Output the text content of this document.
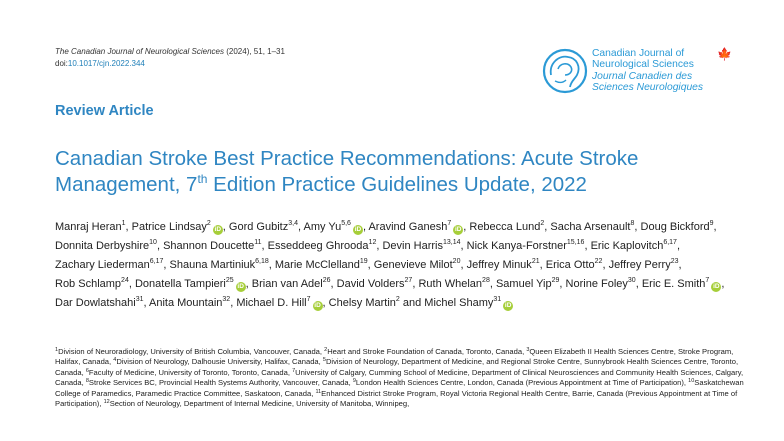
The Canadian Journal of Neurological Sciences (2024), 51, 1–31
doi:10.1017/cjn.2022.344
Canadian Journal of
Neurological Sciences
Journal Canadien des
Sciences Neurologiques
🍁
Review Article
Canadian Stroke Best Practice Recommendations: Acute Stroke Management, 7th Edition Practice Guidelines Update, 2022
Manraj Heran$^1$, Patrice Lindsay$^2$iD , Gord Gubitz$^{3,4}$, Amy Yu$^{5,6}$iD , Aravind Ganesh$^7$iD , Rebecca Lund$^2$, Sacha Arsenault$^8$, Doug Bickford$^9$, Donnita Derbyshire$^{10}$, Shannon Doucette$^{11}$, Esseddeeg Ghrooda$^{12}$, Devin Harris$^{13,14}$, Nick Kanya-Forstner$^{15,16}$, Eric Kaplovitch$^{6,17}$, Zachary Liederman$^{6,17}$, Shauna Martiniuk$^{6,18}$, Marie McClelland$^{19}$, Genevieve Milot$^{20}$, Jeffrey Minuk$^{21}$, Erica Otto$^{22}$, Jeffrey Perry$^{23}$, Rob Schlamp$^{24}$, Donatella Tampieri$^{25}$iD , Brian van Adel$^{26}$, David Volders$^{27}$, Ruth Whelan$^{28}$, Samuel Yip$^{29}$, Norine Foley$^{30}$, Eric E. Smith$^7$iD , Dar Dowlatshahi$^{31}$, Anita Mountain$^{32}$, Michael D. Hill$^7$iD , Chelsy Martin$^2$ and Michel Shamy$^{31}$iD
$^1$Division of Neuroradiology, University of British Columbia, Vancouver, Canada, $^2$Heart and Stroke Foundation of Canada, Toronto, Canada, $^3$Queen Elizabeth II Health Sciences Centre, Stroke Program, Halifax, Canada, $^4$Division of Neurology, Dalhousie University, Halifax, Canada, $^5$Division of Neurology, Department of Medicine, and Regional Stroke Centre, Sunnybrook Health Sciences Centre, Toronto, Canada, $^6$Faculty of Medicine, University of Toronto, Toronto, Canada, $^7$University of Calgary, Cumming School of Medicine, Department of Clinical Neurosciences and Community Health Sciences, Calgary, Canada, $^8$Stroke Services BC, Provincial Health Systems Authority, Vancouver, Canada, $^9$London Health Sciences Centre, London, Canada (Previous Appointment at Time of Participation), $^{10}$Saskatchewan College of Paramedics, Paramedic Practice Committee, Saskatoon, Canada, $^{11}$Enhanced District Stroke Program, Royal Victoria Regional Health Centre, Barrie, Canada (Previous Appointment at Time of Participation), $^{12}$Section of Neurology, Department of Internal Medicine, University of Manitoba, Winnipeg,
